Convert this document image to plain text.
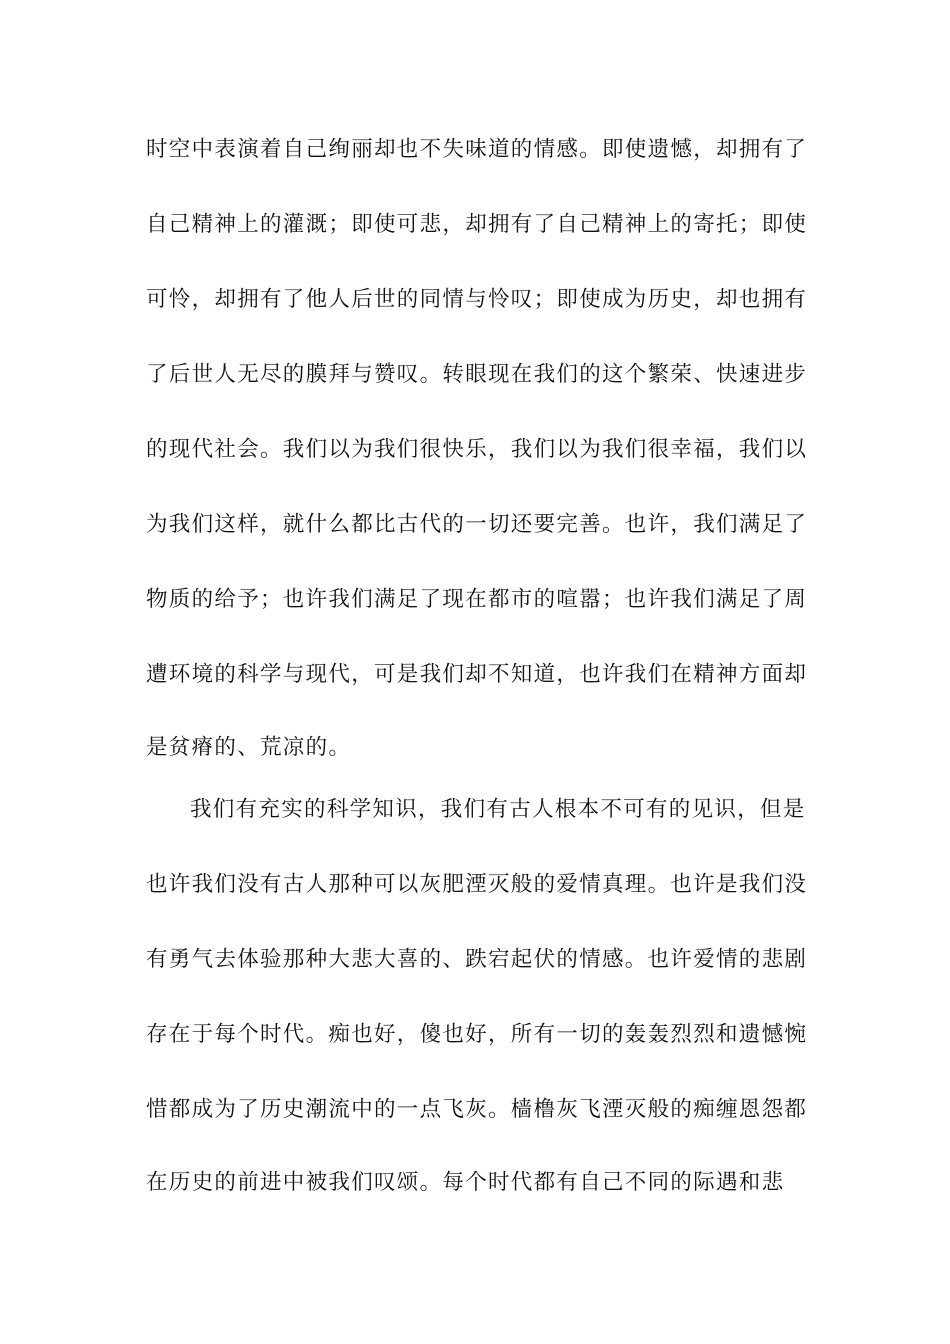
时空中表演着自己绚丽却也不失味道的情感。即使遗憾，却拥有了
自己精神上的灌溉；即使可悲，却拥有了自己精神上的寄托；即使
可怜，却拥有了他人后世的同情与怜叹；即使成为历史，却也拥有
了后世人无尽的膜拜与赞叹。转眼现在我们的这个繁荣、快速进步
的现代社会。我们以为我们很快乐，我们以为我们很幸福，我们以
为我们这样，就什么都比古代的一切还要完善。也许，我们满足了
物质的给予；也许我们满足了现在都市的喧嚣；也许我们满足了周
遭环境的科学与现代，可是我们却不知道，也许我们在精神方面却
是贫瘠的、荒凉的。
我们有充实的科学知识，我们有古人根本不可有的见识，但是
也许我们没有古人那种可以灰肥湮灭般的爱情真理。也许是我们没
有勇气去体验那种大悲大喜的、跌宕起伏的情感。也许爱情的悲剧
存在于每个时代。痴也好，傻也好，所有一切的轰轰烈烈和遗憾惋
惜都成为了历史潮流中的一点飞灰。樯橹灰飞湮灭般的痴缠恩怨都
在历史的前进中被我们叹颂。每个时代都有自己不同的际遇和悲
